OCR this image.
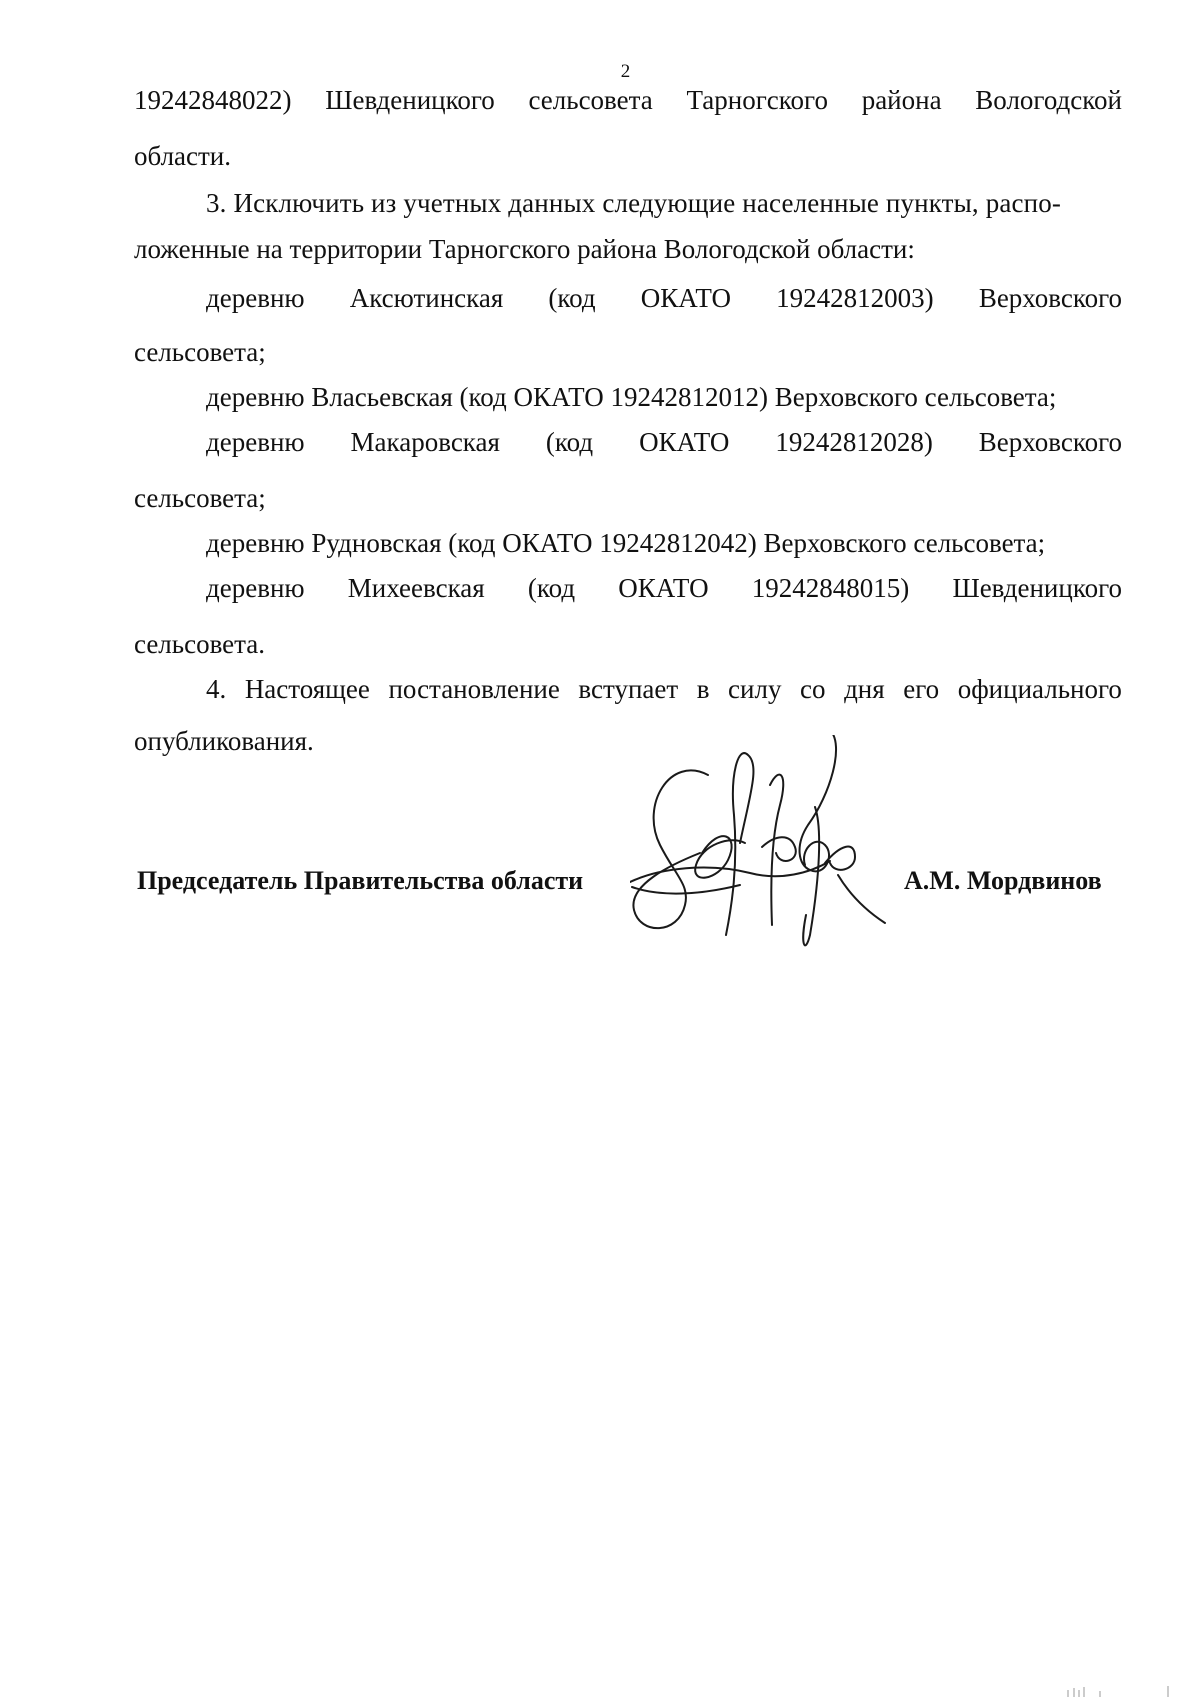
2
19242848022) Шевденицкого сельсовета Тарногского района Вологодской
области.
3. Исключить из учетных данных следующие населенные пункты, распо-
ложенные на территории Тарногского района Вологодской области:
деревню Аксютинская (код ОКАТО 19242812003) Верховского
сельсовета;
деревню Власьевская (код ОКАТО 19242812012) Верховского сельсовета;
деревню Макаровская (код ОКАТО 19242812028) Верховского
сельсовета;
деревню Рудновская (код ОКАТО 19242812042) Верховского сельсовета;
деревню Михеевская (код ОКАТО 19242848015) Шевденицкого
сельсовета.
4. Настоящее постановление вступает в силу со дня его официального
опубликования.
Председатель Правительства области	А.М. Мордвинов
